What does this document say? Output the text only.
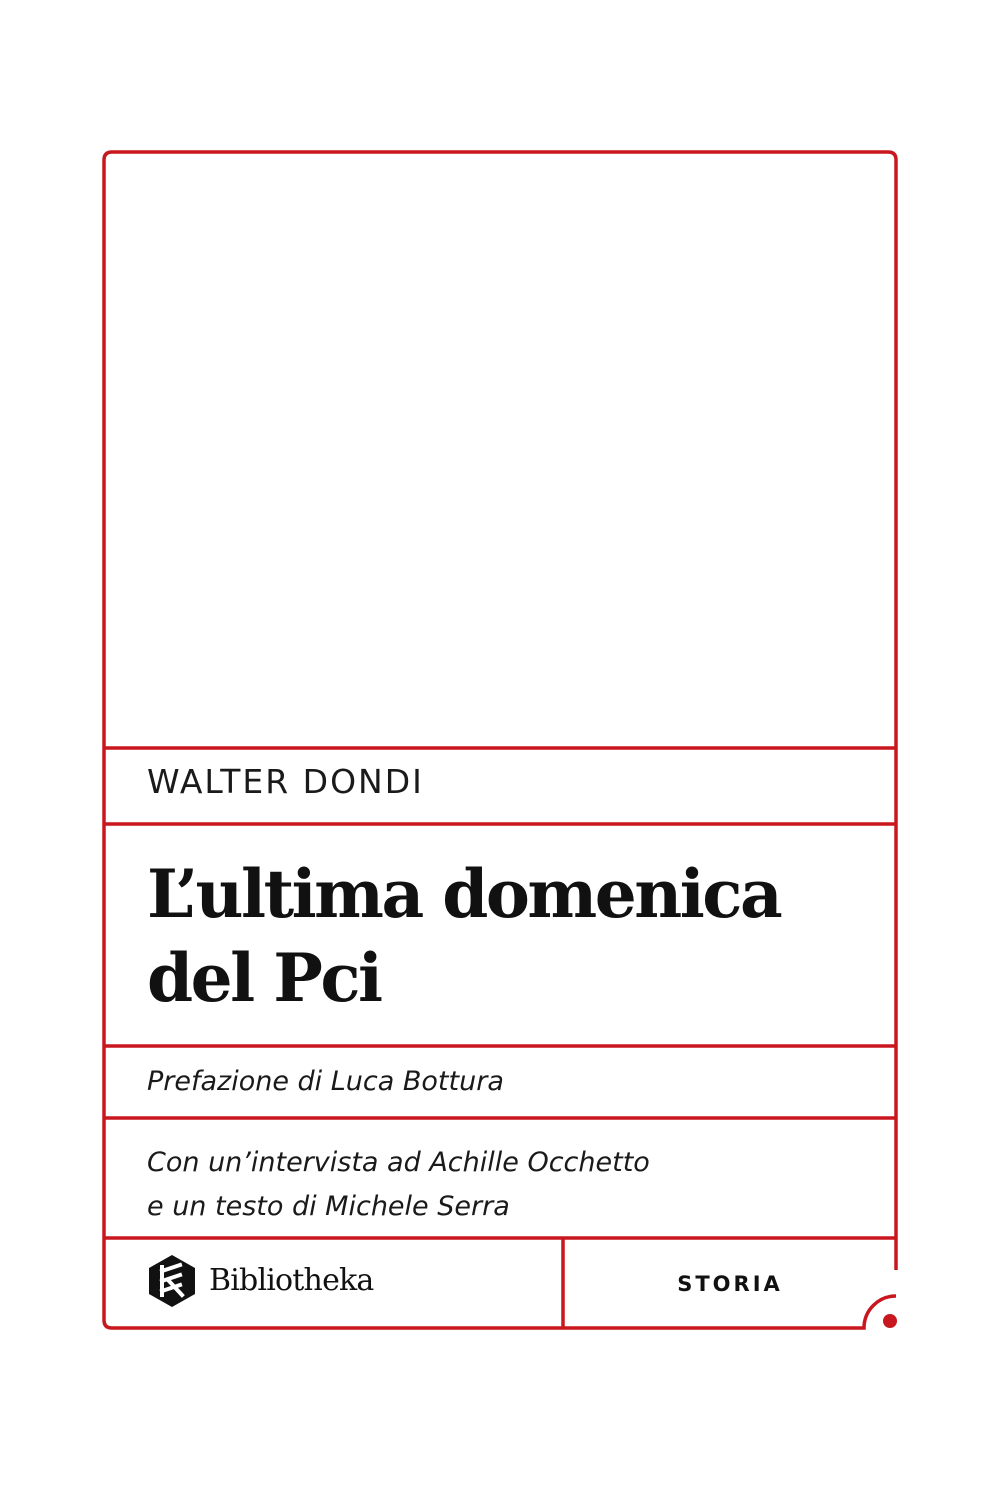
WALTER DONDI
L’ultima domenica
del Pci
Prefazione di Luca Bottura
Con un’intervista ad Achille Occhetto
e un testo di Michele Serra
Bibliotheka	STORIA
